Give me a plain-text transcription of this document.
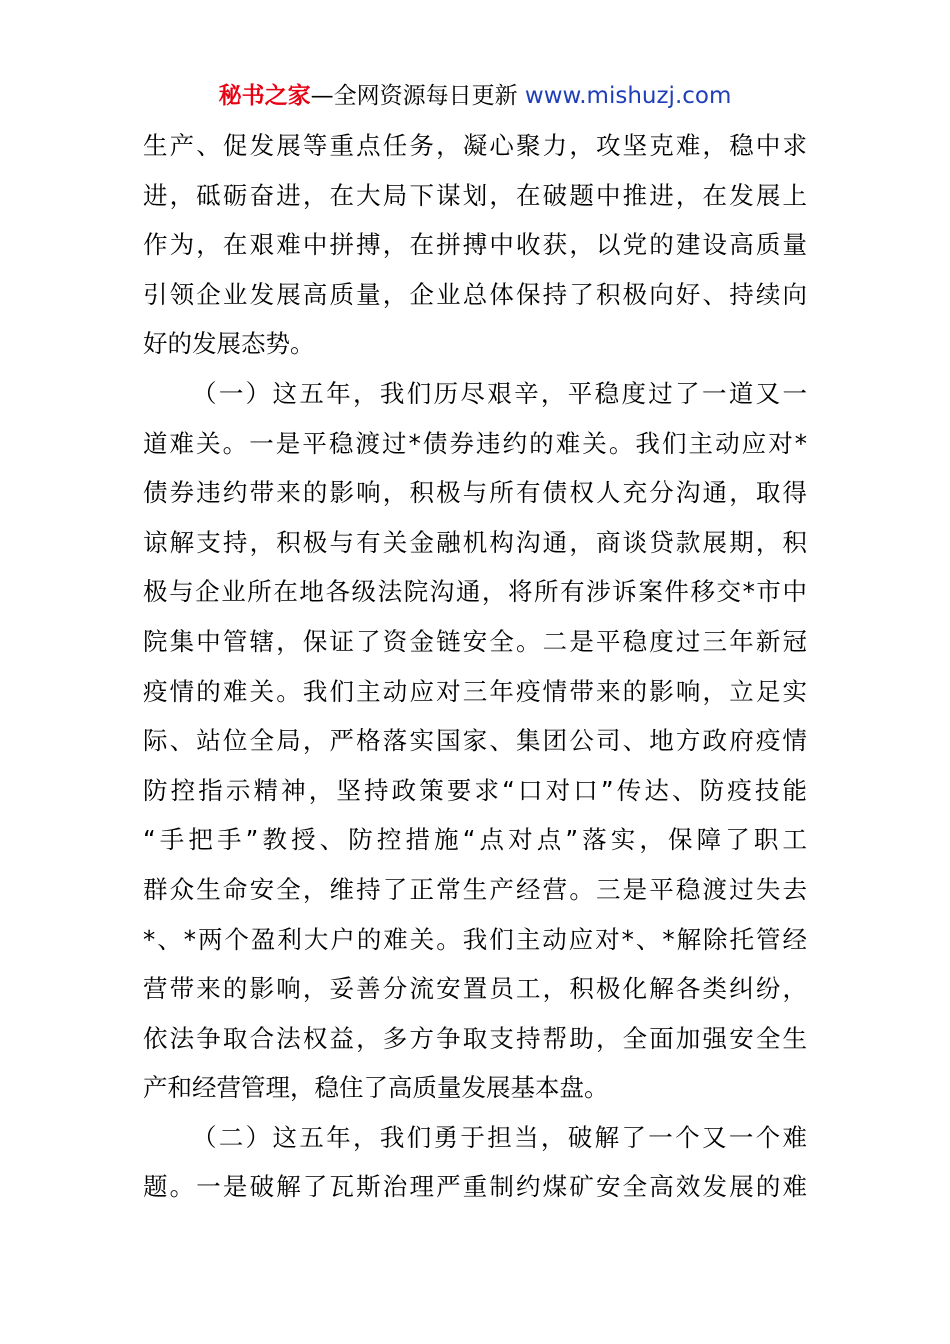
秘书之家—全网资源每日更新 www.mishuzj.com
生产、促发展等重点任务，凝心聚力，攻坚克难，稳中求
进，砥砺奋进，在大局下谋划，在破题中推进，在发展上
作为，在艰难中拼搏，在拼搏中收获，以党的建设高质量
引领企业发展高质量，企业总体保持了积极向好、持续向
好的发展态势。
（一）这五年，我们历尽艰辛，平稳度过了一道又一
道难关。一是平稳渡过*债券违约的难关。我们主动应对*
债券违约带来的影响，积极与所有债权人充分沟通，取得
谅解支持，积极与有关金融机构沟通，商谈贷款展期，积
极与企业所在地各级法院沟通，将所有涉诉案件移交*市中
院集中管辖，保证了资金链安全。二是平稳度过三年新冠
疫情的难关。我们主动应对三年疫情带来的影响，立足实
际、站位全局，严格落实国家、集团公司、地方政府疫情
防控指示精神，坚持政策要求“口对口”传达、防疫技能
“手把手”教授、防控措施“点对点”落实，保障了职工
群众生命安全，维持了正常生产经营。三是平稳渡过失去
*、*两个盈利大户的难关。我们主动应对*、*解除托管经
营带来的影响，妥善分流安置员工，积极化解各类纠纷，
依法争取合法权益，多方争取支持帮助，全面加强安全生
产和经营管理，稳住了高质量发展基本盘。
（二）这五年，我们勇于担当，破解了一个又一个难
题。一是破解了瓦斯治理严重制约煤矿安全高效发展的难
